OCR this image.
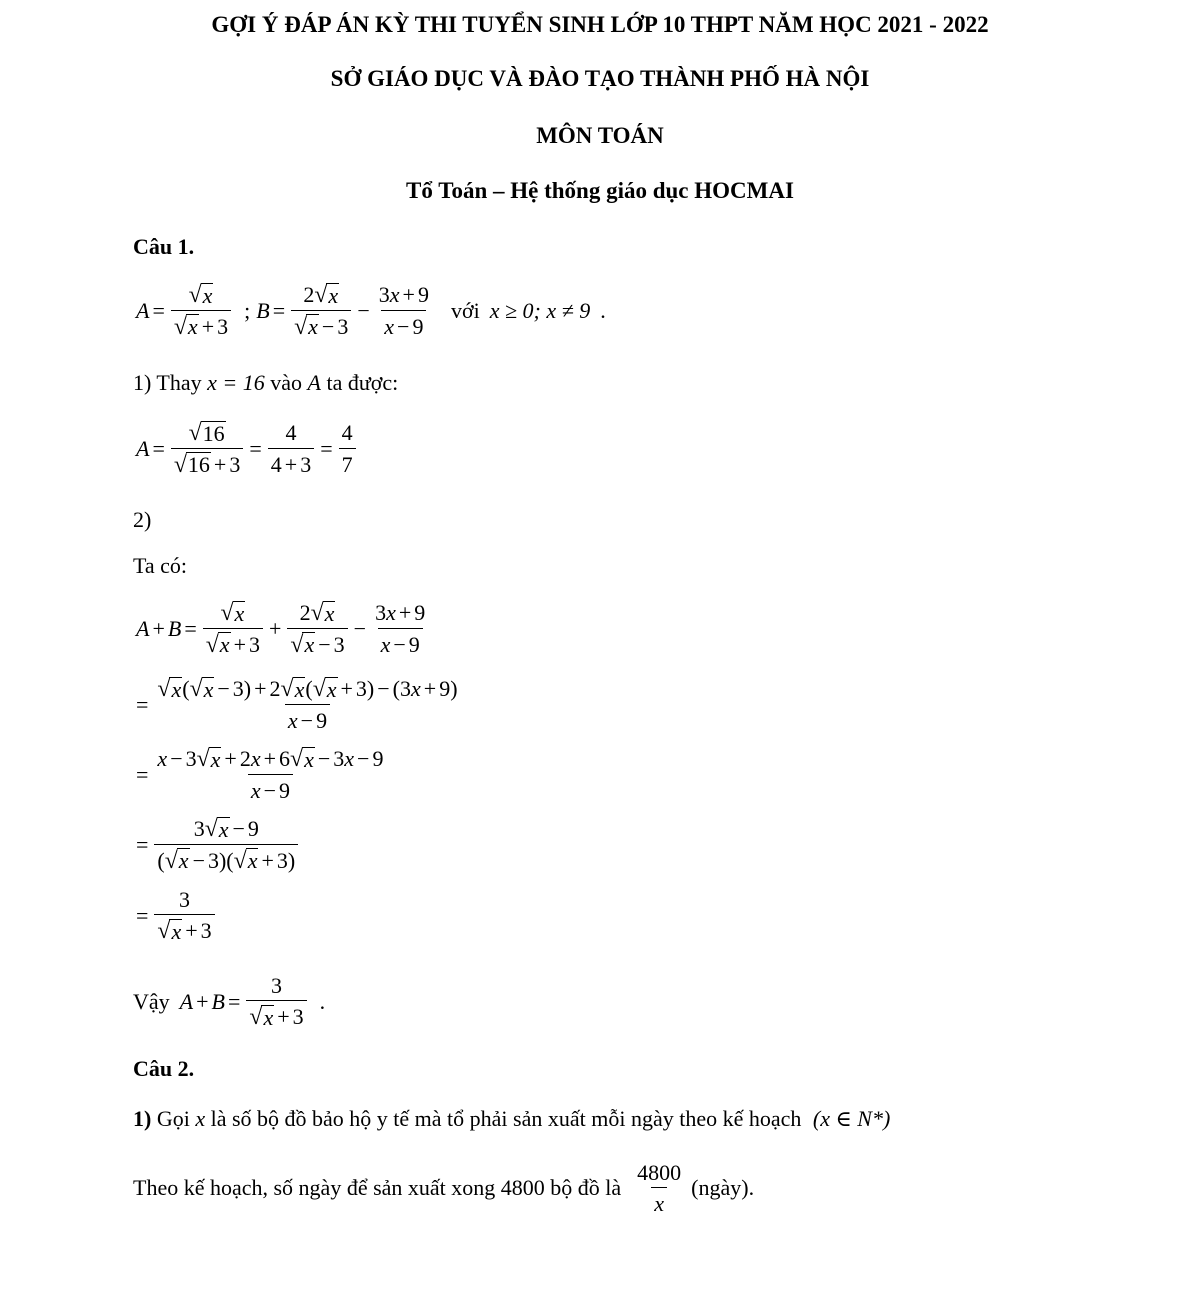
GỢI Ý ĐÁP ÁN KỲ THI TUYỂN SINH LỚP 10 THPT NĂM HỌC 2021 - 2022
SỞ GIÁO DỤC VÀ ĐÀO TẠO THÀNH PHỐ HÀ NỘI
MÔN TOÁN
Tổ Toán – Hệ thống giáo dục HOCMAI
Câu 1.
$A = \frac{√ x}{√ x + 3}$ ; $B = \frac{2 √ x}{√ x - 3} - \frac{3x + 9}{x - 9}$ với x ≥ 0; x ≠ 9 .
1) Thay x = 16 vào A ta được:
$A = \frac{√ 16}{√ 16 + 3} = \frac{4}{4 + 3} = \frac{4}{7}$
2)
Ta có:
$A + B = \frac{√ x}{√ x + 3} + \frac{2 √ x}{√ x - 3} - \frac{3x + 9}{x - 9}$
= $\frac{√ x ( √ x - 3) + 2 √ x ( √ x + 3) - (3x + 9)}{x - 9}$
= $\frac{x - 3 √ x + 2x + 6 √ x - 3x - 9}{x - 9}$
= $\frac{3 √ x - 9}{( √ x - 3)( √ x + 3)}$
= $\frac{3}{√ x + 3}$
Vậy $A + B = \frac{3}{√ x + 3}$ .
Câu 2.
1) Gọi x là số bộ đồ bảo hộ y tế mà tổ phải sản xuất mỗi ngày theo kế hoạch (x ∈ N*)
Theo kế hoạch, số ngày để sản xuất xong 4800 bộ đồ là $\frac{4800}{x}$ (ngày).
